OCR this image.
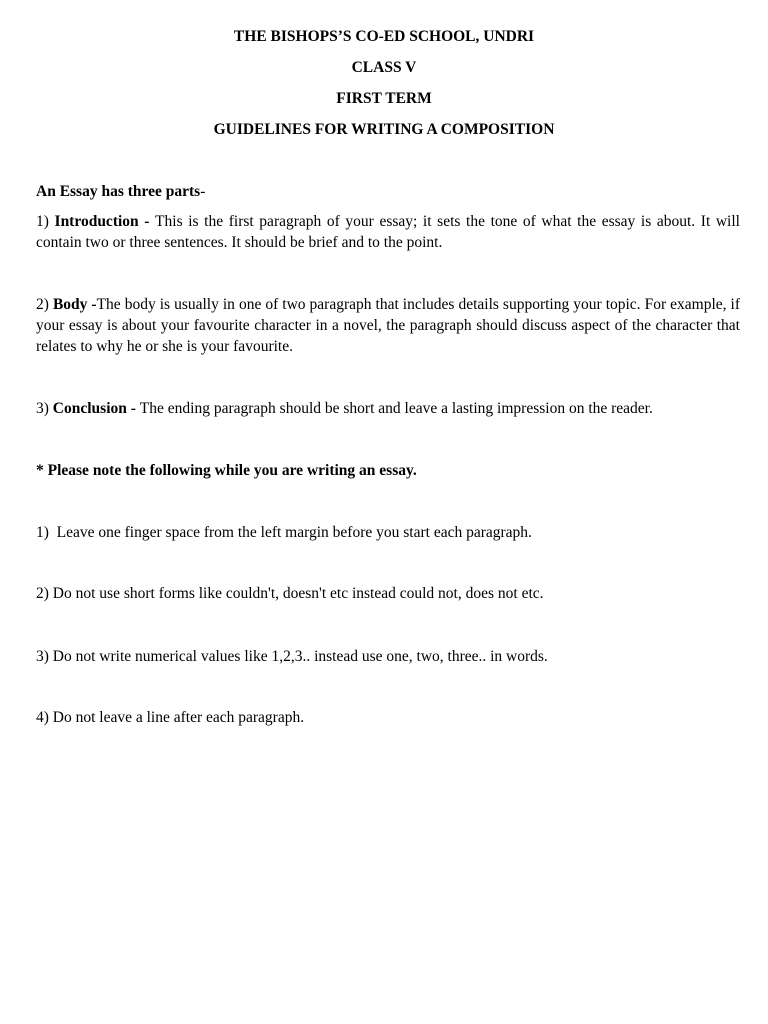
THE BISHOPS’S CO-ED SCHOOL, UNDRI
CLASS V
FIRST TERM
GUIDELINES FOR WRITING A COMPOSITION
An Essay has three parts-
1) Introduction - This is the first paragraph of your essay; it sets the tone of what the essay is about. It will contain two or three sentences. It should be brief and to the point.
2) Body -The body is usually in one of two paragraph that includes details supporting your topic. For example, if your essay is about your favourite character in a novel, the paragraph should discuss aspect of the character that relates to why he or she is your favourite.
3) Conclusion - The ending paragraph should be short and leave a lasting impression on the reader.
* Please note the following while you are writing an essay.
1)  Leave one finger space from the left margin before you start each paragraph.
2) Do not use short forms like couldn't, doesn't etc instead could not, does not etc.
3) Do not write numerical values like 1,2,3.. instead use one, two, three.. in words.
4) Do not leave a line after each paragraph.
